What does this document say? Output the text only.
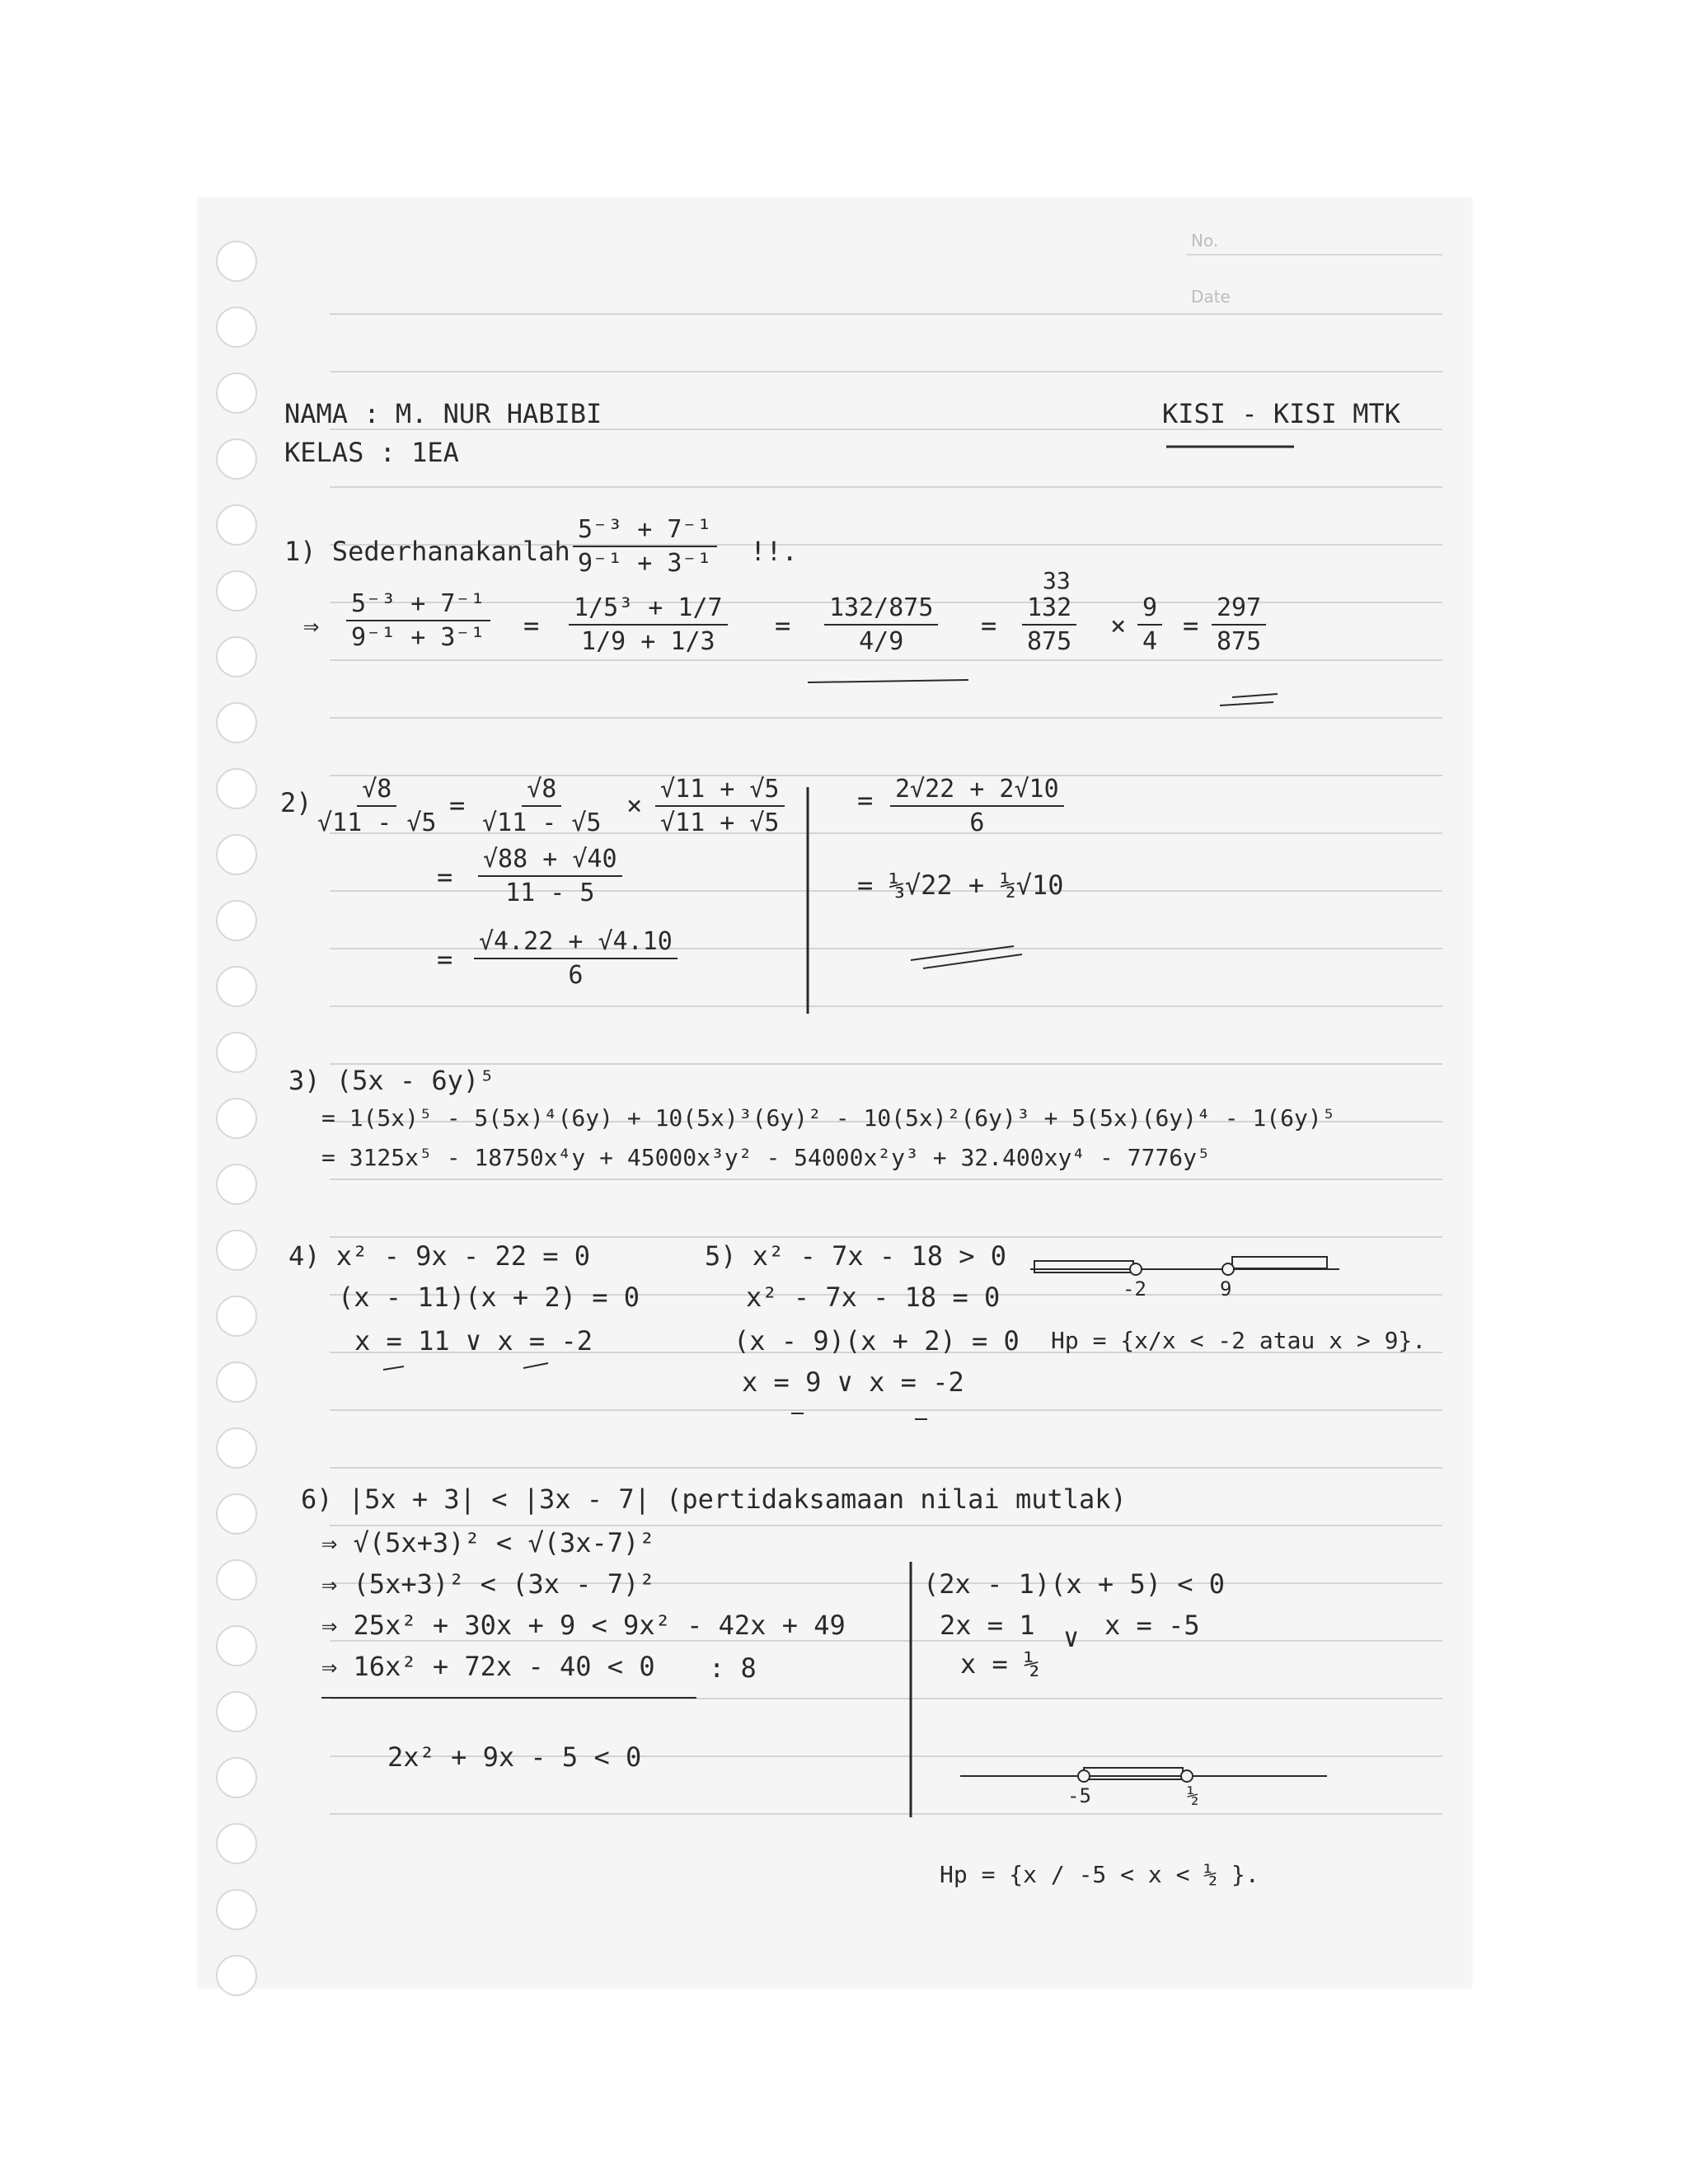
No.
Date
NAMA : M. NUR HABIBI
KELAS : 1EA
KISI - KISI MTK
1) Sederhanakanlah $\frac{\text{5⁻³ + 7⁻¹}}{\text{9⁻¹ + 3⁻¹}}$ !!.
⇒ $\frac{\text{5⁻³ + 7⁻¹}}{\text{9⁻¹ + 3⁻¹}} = \frac{\text{1/5³ + 1/7}}{1/9 + 1/3} = \frac{132/875}{4/9}$ =
33
$\frac{132}{875} \times \frac{9}{4} = \frac{297}{875}$
$2) \frac{√8}{√11 - √5} = \frac{√8}{√11 - √5} \times \frac{√11 + √5}{√11 + √5}$
= $\frac{√88 + √40}{11 - 5}$
= $\frac{√4.22 + √4.10}{6}$
= $\frac{2√22 + 2√10}{6}$
= ⅓√22 + ½√10
3) (5x - 6y)⁵
= 1(5x)⁵ - 5(5x)⁴(6y) + 10(5x)³(6y)² - 10(5x)²(6y)³ + 5(5x)(6y)⁴ - 1(6y)⁵
= 3125x⁵ - 18750x⁴y + 45000x³y² - 54000x²y³ + 32.400xy⁴ - 7776y⁵
4) x² - 9x - 22 = 0
(x - 11)(x + 2) = 0
x = 11 ∨ x = -2
5) x² - 7x - 18 > 0
x² - 7x - 18 = 0
(x - 9)(x + 2) = 0
x = 9 ∨ x = -2
-2	9
Hp = {x/x < -2 atau x > 9}.
6) |5x + 3| < |3x - 7| (pertidaksamaan nilai mutlak)
⇒ √(5x+3)² < √(3x-7)²
⇒ (5x+3)² < (3x - 7)²
⇒ 25x² + 30x + 9 < 9x² - 42x + 49
⇒ 16x² + 72x - 40 < 0 : 8
2x² + 9x - 5 < 0
(2x - 1)(x + 5) < 0
2x = 1
x = ½
∨ x = -5
-5	½
Hp = {x / -5 < x < ½ }.
